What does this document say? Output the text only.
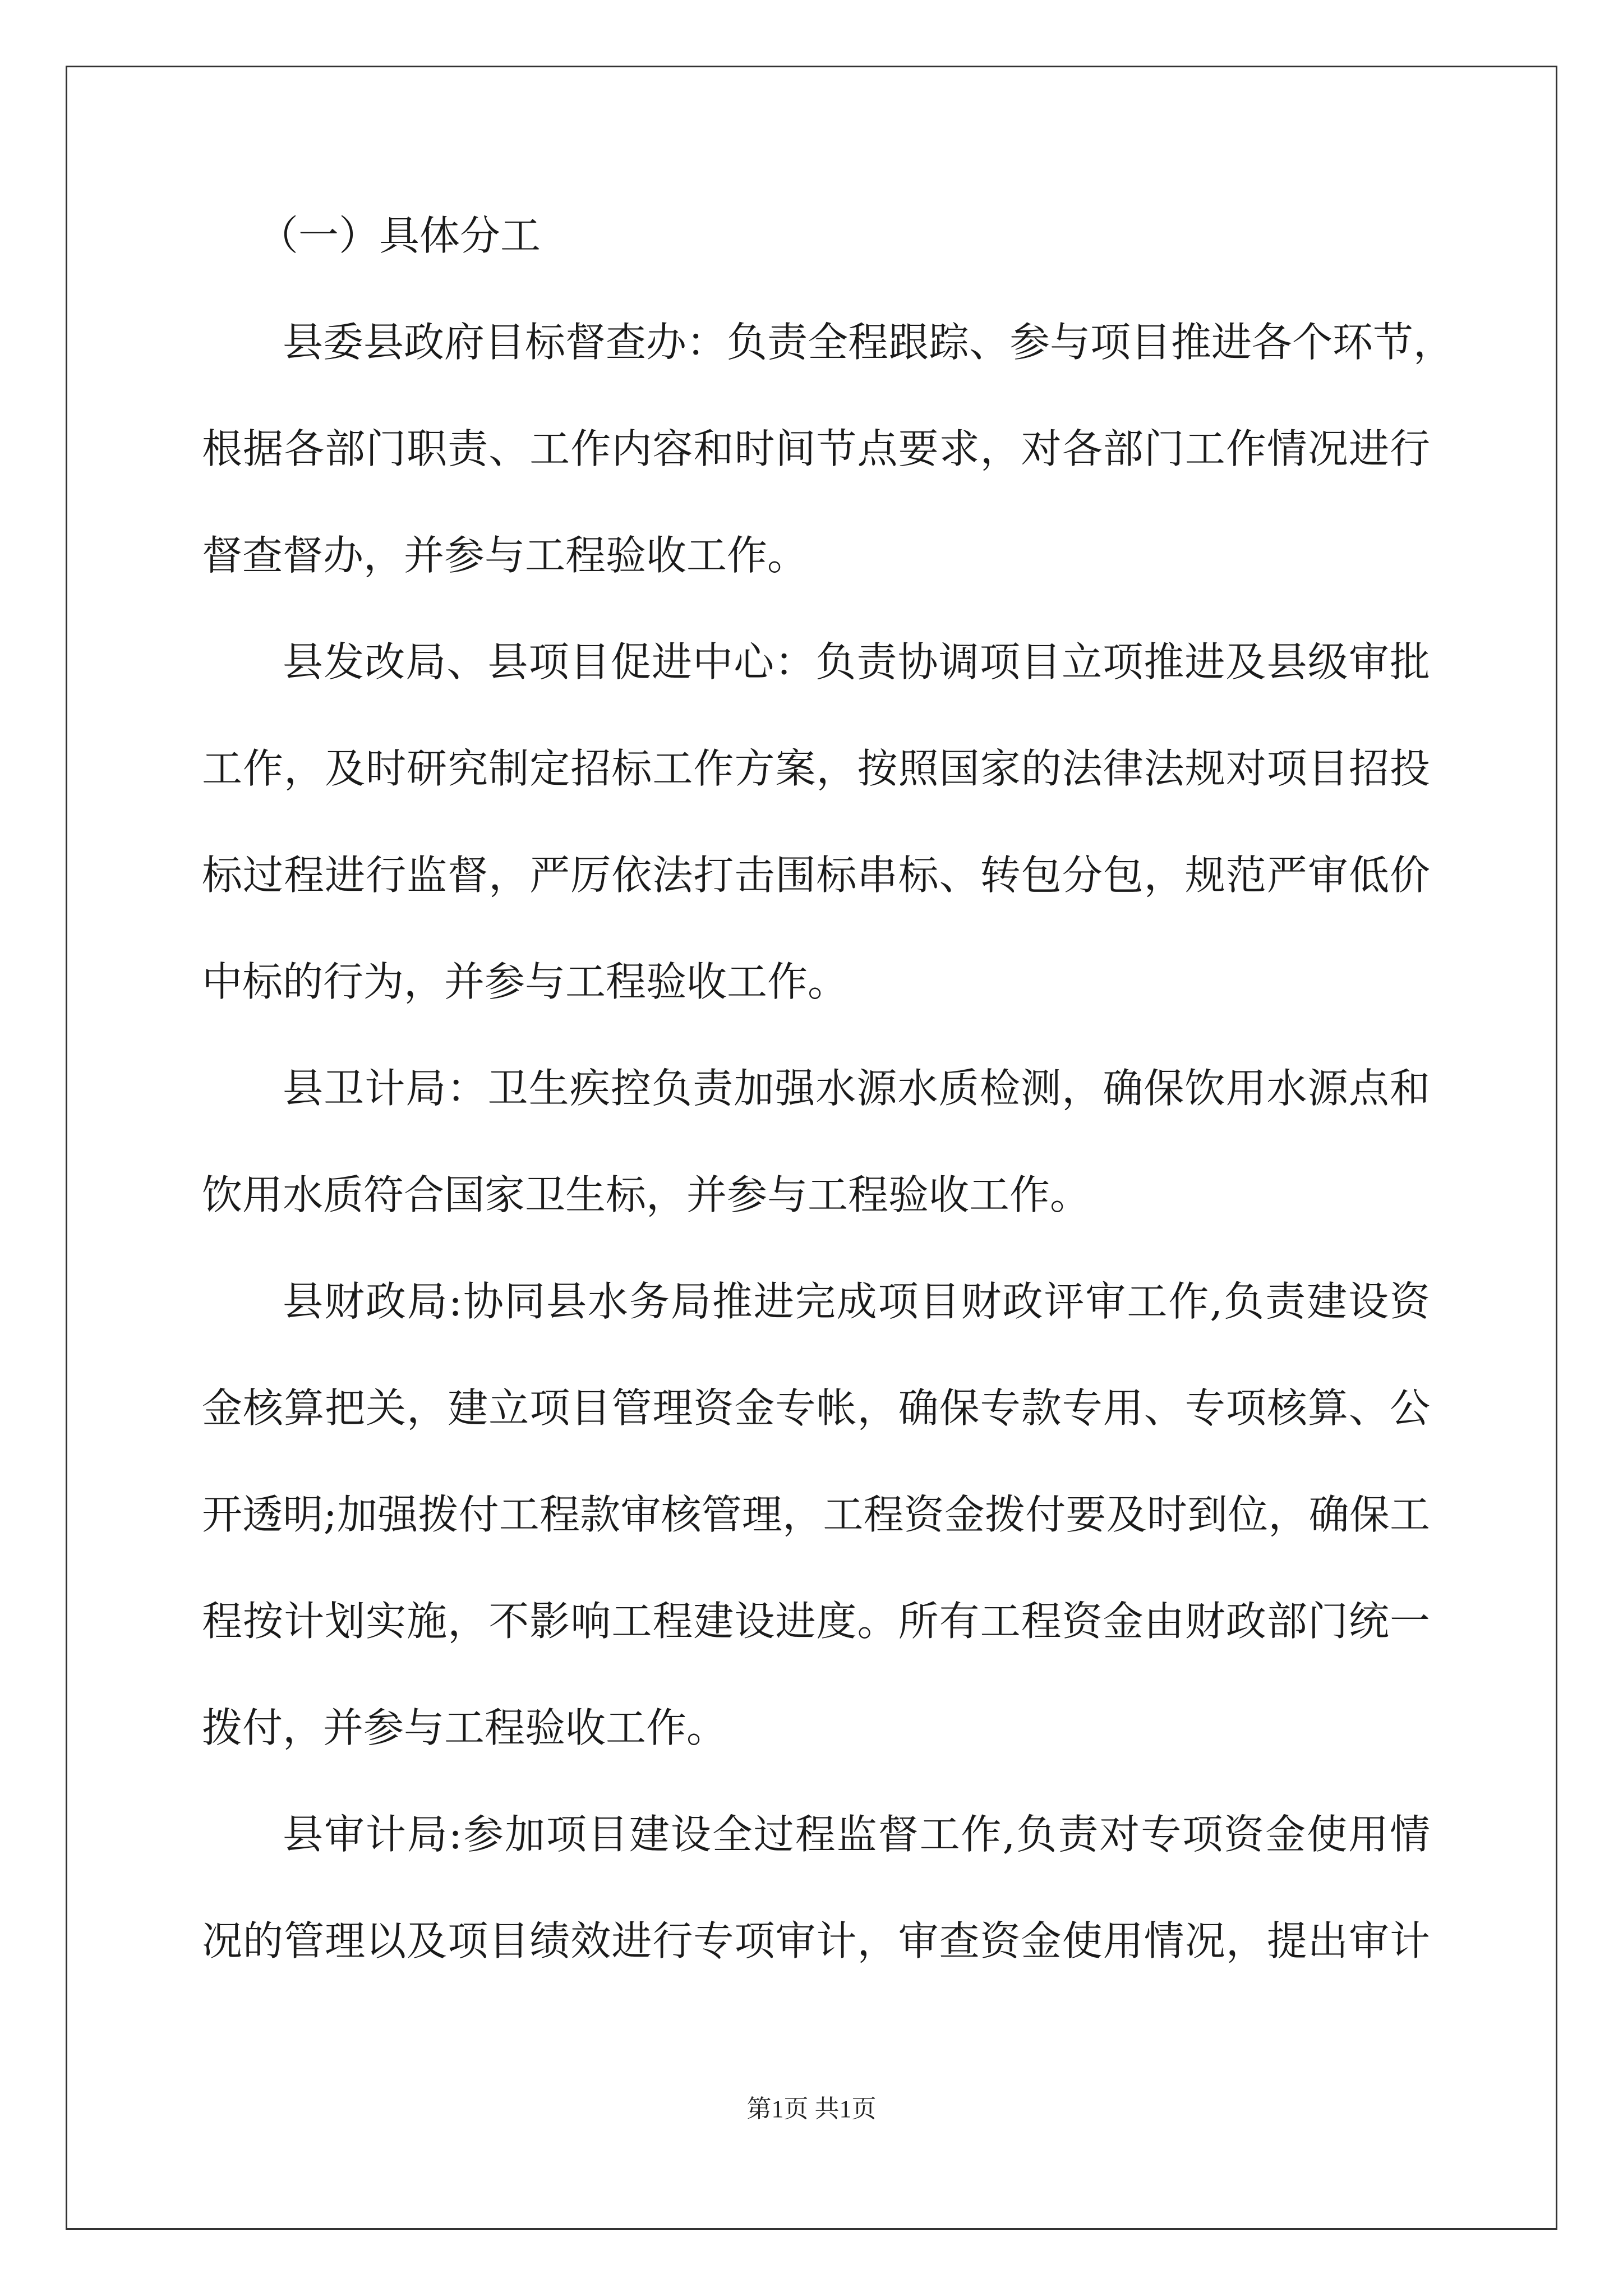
（一）具体分工
县委县政府目标督查办：负责全程跟踪、参与项目推进各个环节，
根据各部门职责、工作内容和时间节点要求，对各部门工作情况进行
督查督办，并参与工程验收工作。
县发改局、县项目促进中心：负责协调项目立项推进及县级审批
工作，及时研究制定招标工作方案，按照国家的法律法规对项目招投
标过程进行监督，严厉依法打击围标串标、转包分包，规范严审低价
中标的行为，并参与工程验收工作。
县卫计局：卫生疾控负责加强水源水质检测，确保饮用水源点和
饮用水质符合国家卫生标，并参与工程验收工作。
县财政局:协同县水务局推进完成项目财政评审工作,负责建设资
金核算把关，建立项目管理资金专帐，确保专款专用、专项核算、公
开透明;加强拨付工程款审核管理，工程资金拨付要及时到位，确保工
程按计划实施，不影响工程建设进度。所有工程资金由财政部门统一
拨付，并参与工程验收工作。
县审计局:参加项目建设全过程监督工作,负责对专项资金使用情
况的管理以及项目绩效进行专项审计，审查资金使用情况，提出审计
第1页 共1页
